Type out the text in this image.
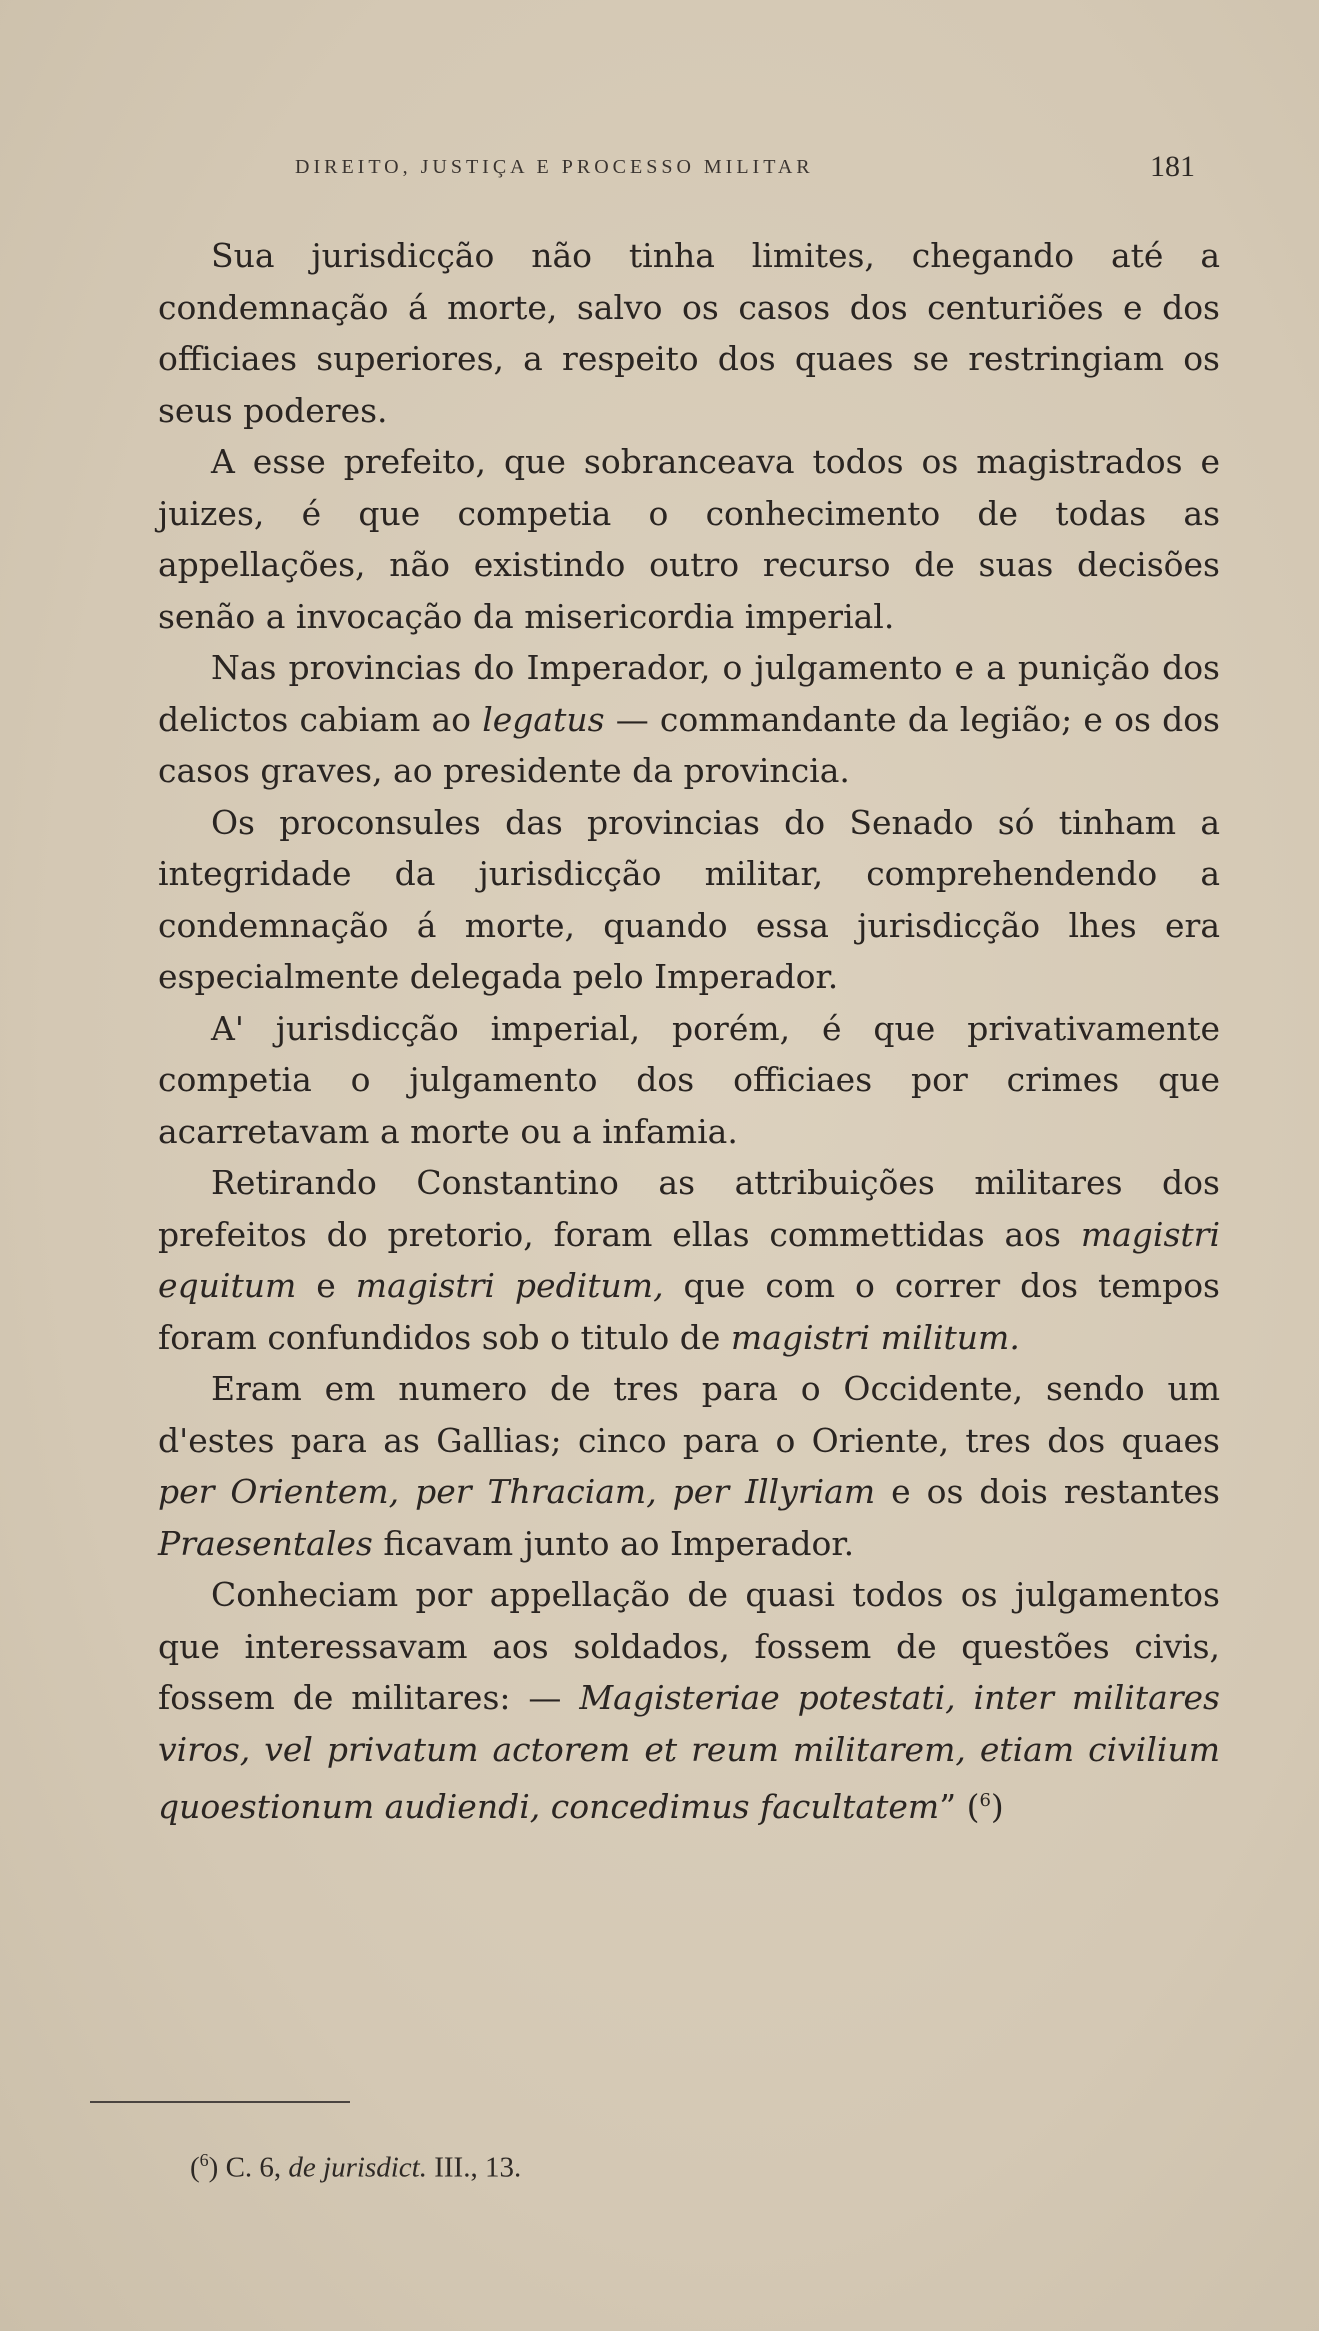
DIREITO, JUSTIÇA E PROCESSO MILITAR	181

Sua jurisdicção não tinha limites, chegando até a condemnação á morte, salvo os casos dos centuriões e dos officiaes superiores, a respeito dos quaes se restringiam os seus poderes.

A esse prefeito, que sobranceava todos os magistrados e juizes, é que competia o conhecimento de todas as appellações, não existindo outro recurso de suas decisões senão a invocação da misericordia imperial.

Nas provincias do Imperador, o julgamento e a punição dos delictos cabiam ao legatus — commandante da legião; e os dos casos graves, ao presidente da provincia.

Os proconsules das provincias do Senado só tinham a integridade da jurisdicção militar, comprehendendo a condemnação á morte, quando essa jurisdicção lhes era especialmente delegada pelo Imperador.

A' jurisdicção imperial, porém, é que privativamente competia o julgamento dos officiaes por crimes que acarretavam a morte ou a infamia.

Retirando Constantino as attribuições militares dos prefeitos do pretorio, foram ellas commettidas aos magistri equitum e magistri peditum, que com o correr dos tempos foram confundidos sob o titulo de magistri militum.

Eram em numero de tres para o Occidente, sendo um d'estes para as Gallias; cinco para o Oriente, tres dos quaes per Orientem, per Thraciam, per Illyriam e os dois restantes Praesentales ficavam junto ao Imperador.

Conheciam por appellação de quasi todos os julgamentos que interessavam aos soldados, fossem de questões civis, fossem de militares: — Magisteriae potestati, inter militares viros, vel privatum actorem et reum militarem, etiam civilium quoestionum audiendi, concedimus facultatem” ($^6$)

($^6$) C. 6, de jurisdict. III., 13.
